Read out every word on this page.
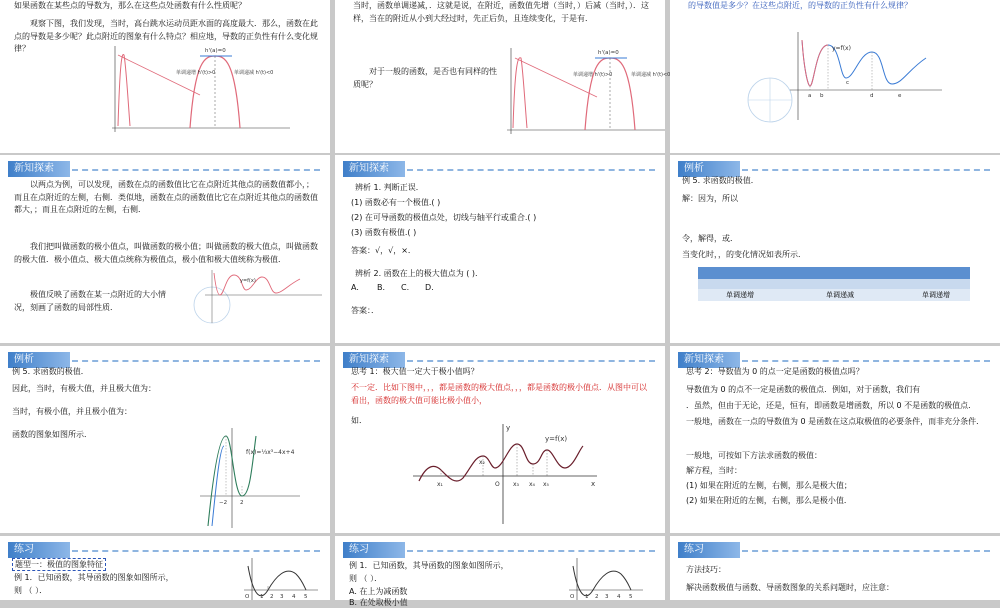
如果函数在某些点的导数为，那么在这些点处函数有什么性质呢？
观察下图，我们发现，当时，高台跳水运动员距水面的高度最大．那么，函数在此点的导数是多少呢？此点附近的图象有什么特点？相应地，导数的正负性有什么变化规律？	h'(a)=0
单调递增 h'(t)>0	单调递减 h'(t)<0
当时，函数单调递减，．这就是说，在附近，函数值先增（当时，）后减（当时，）．这样，当在的附近从小到大经过时，先正后负，且连续变化，于是有．
对于一般的函数，是否也有同样的性质呢？
h'(a)=0
单调递增 h'(t)>0	单调递减 h'(t)<0
的导数值是多少？在这些点附近，的导数的正负性有什么规律？
y=f(x)
a b
c
d	e
新知探索
以两点为例，可以发现，函数在点的函数值比它在点附近其他点的函数值都小，；而且在点附近的左侧，右侧．类似地，函数在点的函数值比它在点附近其他点的函数值都大，；而且在点附近的左侧，右侧．
我们把叫做函数的极小值点，叫做函数的极小值；叫做函数的极大值点，叫做函数的极大值．极小值点、极大值点统称为极值点，极小值和极大值统称为极值．
极值反映了函数在某一点附近的大小情况，刻画了函数的局部性质．
y=f(x)
新知探索
辨析 1. 判断正误．
(1) 函数必有一个极值.( )
(2) 在可导函数的极值点处，切线与轴平行或重合.( )
(3) 函数有极值.( )
答案：√，√，×．
辨析 2. 函数在上的极大值点为 ( ).
A. B. C. D.
答案：．
例析
例 5. 求函数的极值．
解：因为，所以
令，解得，或．
当变化时，，的变化情况如表所示．
单调递增	单调递减	单调递增
例析
例 5. 求函数的极值．
因此，当时，有极大值，并且极大值为：
当时，有极小值，并且极小值为：
函数的图象如图所示．
f(x)=⅓x³−4x+4
−2 2
新知探索
思考 1：极大值一定大于极小值吗？
不一定．比如下图中，，，都是函数的极大值点，，，都是函数的极小值点．从图中可以看出，函数的极大值可能比极小值小，
如．
y=f(x)
y
x
x₁
x₂
O x₃ x₄ x₅
新知探索
思考 2：导数值为 0 的点一定是函数的极值点吗？
导数值为 0 的点不一定是函数的极值点．例如，对于函数，我们有
．虽然，但由于无论，还是，恒有，即函数是增函数，所以 0 不是函数的极值点．
一般地，函数在一点的导数值为 0 是函数在这点取极值的必要条件，而非充分条件．
一般地，可按如下方法求函数的极值：
解方程，当时：
(1) 如果在附近的左侧，右侧，那么是极大值；
(2) 如果在附近的左侧，右侧，那么是极小值．
练习
题型一：极值的图象特征
例 1．已知函数，其导函数的图象如图所示，
则 （ ）．
O 1 2 3 4 5
练习
例 1．已知函数，其导函数的图象如图所示，
则 （ ）．
A. 在上为减函数
B. 在处取极小值
O 1 2 3 4 5
练习
方法技巧：
解决函数极值与函数、导函数图象的关系问题时，应注意：
